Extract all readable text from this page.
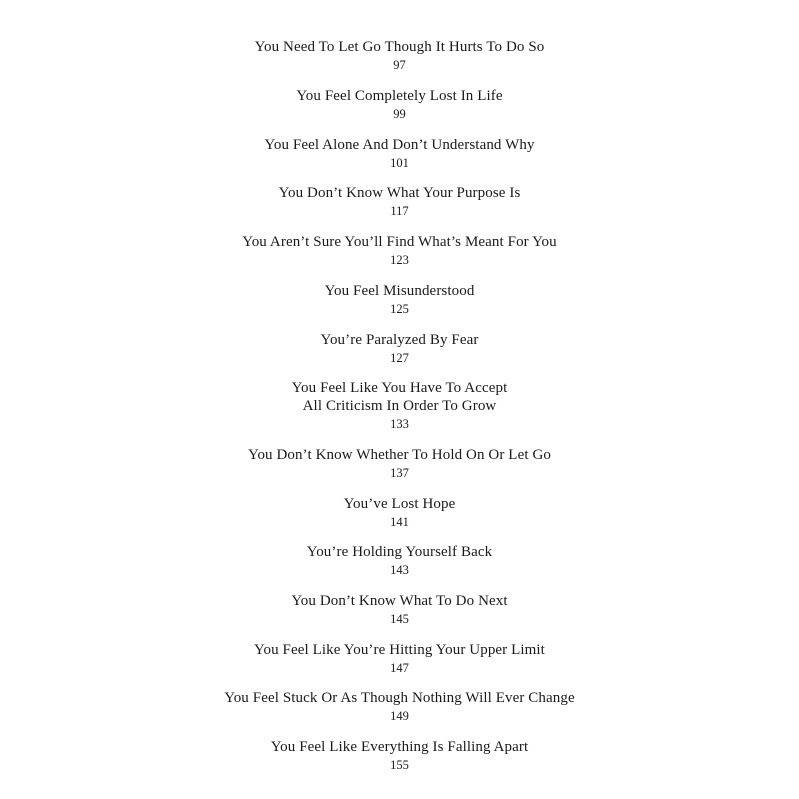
You Need To Let Go Though It Hurts To Do So
97
You Feel Completely Lost In Life
99
You Feel Alone And Don’t Understand Why
101
You Don’t Know What Your Purpose Is
117
You Aren’t Sure You’ll Find What’s Meant For You
123
You Feel Misunderstood
125
You’re Paralyzed By Fear
127
You Feel Like You Have To Accept
All Criticism In Order To Grow
133
You Don’t Know Whether To Hold On Or Let Go
137
You’ve Lost Hope
141
You’re Holding Yourself Back
143
You Don’t Know What To Do Next
145
You Feel Like You’re Hitting Your Upper Limit
147
You Feel Stuck Or As Though Nothing Will Ever Change
149
You Feel Like Everything Is Falling Apart
155
